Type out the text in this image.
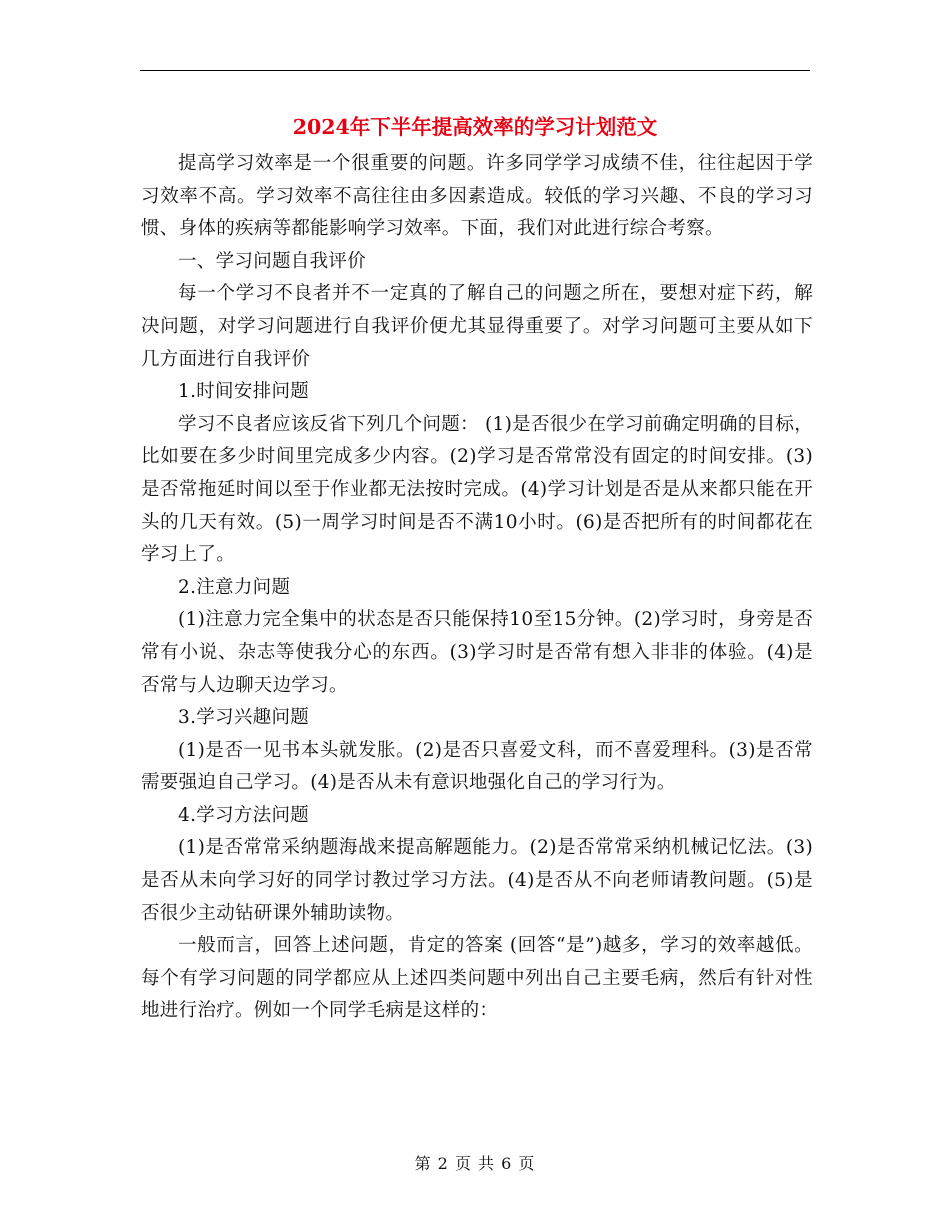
2024年下半年提高效率的学习计划范文

提高学习效率是一个很重要的问题。许多同学学习成绩不佳，往往起因于学习效率不高。学习效率不高往往由多因素造成。较低的学习兴趣、不良的学习习惯、身体的疾病等都能影响学习效率。下面，我们对此进行综合考察。

一、学习问题自我评价

每一个学习不良者并不一定真的了解自己的问题之所在，要想对症下药，解决问题，对学习问题进行自我评价便尤其显得重要了。对学习问题可主要从如下几方面进行自我评价

1.时间安排问题

学习不良者应该反省下列几个问题： (1)是否很少在学习前确定明确的目标，比如要在多少时间里完成多少内容。(2)学习是否常常没有固定的时间安排。(3)是否常拖延时间以至于作业都无法按时完成。(4)学习计划是否是从来都只能在开头的几天有效。(5)一周学习时间是否不满10小时。(6)是否把所有的时间都花在学习上了。

2.注意力问题

(1)注意力完全集中的状态是否只能保持10至15分钟。(2)学习时，身旁是否常有小说、杂志等使我分心的东西。(3)学习时是否常有想入非非的体验。(4)是否常与人边聊天边学习。

3.学习兴趣问题

(1)是否一见书本头就发胀。(2)是否只喜爱文科，而不喜爱理科。(3)是否常需要强迫自己学习。(4)是否从未有意识地强化自己的学习行为。

4.学习方法问题

(1)是否常常采纳题海战来提高解题能力。(2)是否常常采纳机械记忆法。(3)是否从未向学习好的同学讨教过学习方法。(4)是否从不向老师请教问题。(5)是否很少主动钻研课外辅助读物。

一般而言，回答上述问题，肯定的答案 (回答“是”)越多，学习的效率越低。每个有学习问题的同学都应从上述四类问题中列出自己主要毛病，然后有针对性地进行治疗。例如一个同学毛病是这样的：

第 2 页 共 6 页
